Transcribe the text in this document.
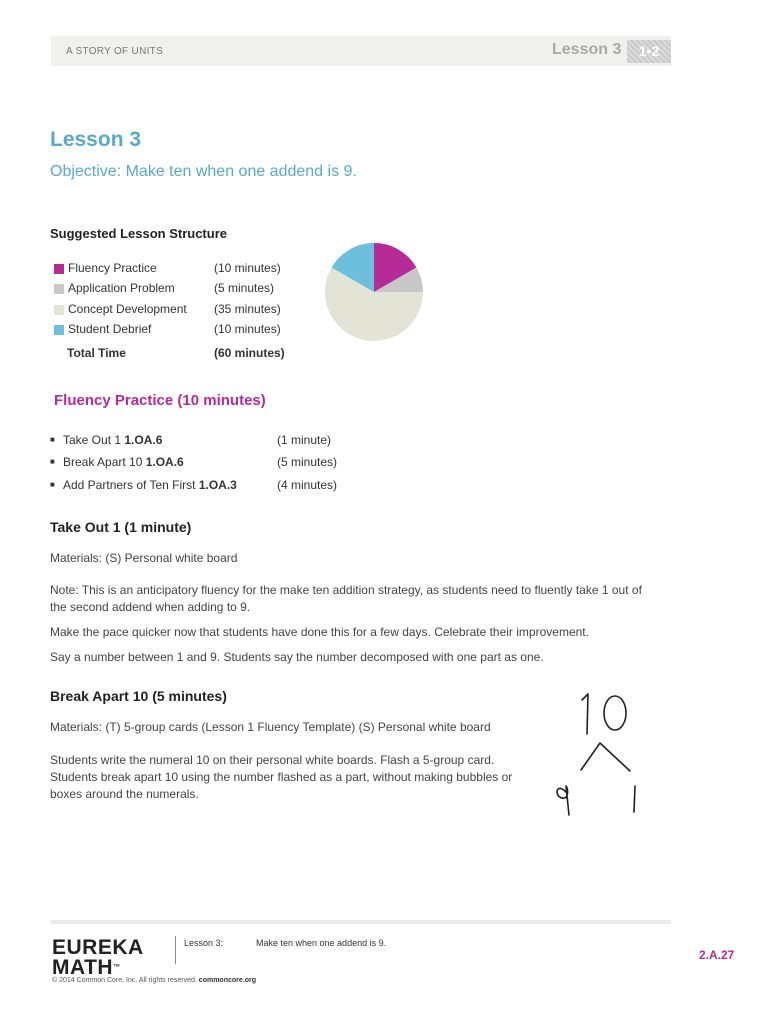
A STORY OF UNITS	Lesson 3	1•2
Lesson 3
Objective: Make ten when one addend is 9.
Suggested Lesson Structure
Fluency Practice	(10 minutes)
Application Problem	(5 minutes)
Concept Development (35 minutes)
Student Debrief	(10 minutes)
Total Time	(60 minutes)
Fluency Practice (10 minutes)
■ Take Out 1 1.OA.6	(1 minute)
■ Break Apart 10 1.OA.6	(5 minutes)
■ Add Partners of Ten First 1.OA.3	(4 minutes)
Take Out 1 (1 minute)
Materials: (S) Personal white board
Note: This is an anticipatory fluency for the make ten addition strategy, as students need to fluently take 1 out of the second addend when adding to 9.
Make the pace quicker now that students have done this for a few days. Celebrate their improvement.
Say a number between 1 and 9. Students say the number decomposed with one part as one.
Break Apart 10 (5 minutes)
Materials: (T) 5-group cards (Lesson 1 Fluency Template) (S) Personal white board
Students write the numeral 10 on their personal white boards. Flash a 5-group card. Students break apart 10 using the number flashed as a part, without making bubbles or boxes around the numerals.
EUREKA
MATH™
Lesson 3:	Make ten when one addend is 9.
2.A.27
© 2014 Common Core, Inc. All rights reserved. commoncore.org
